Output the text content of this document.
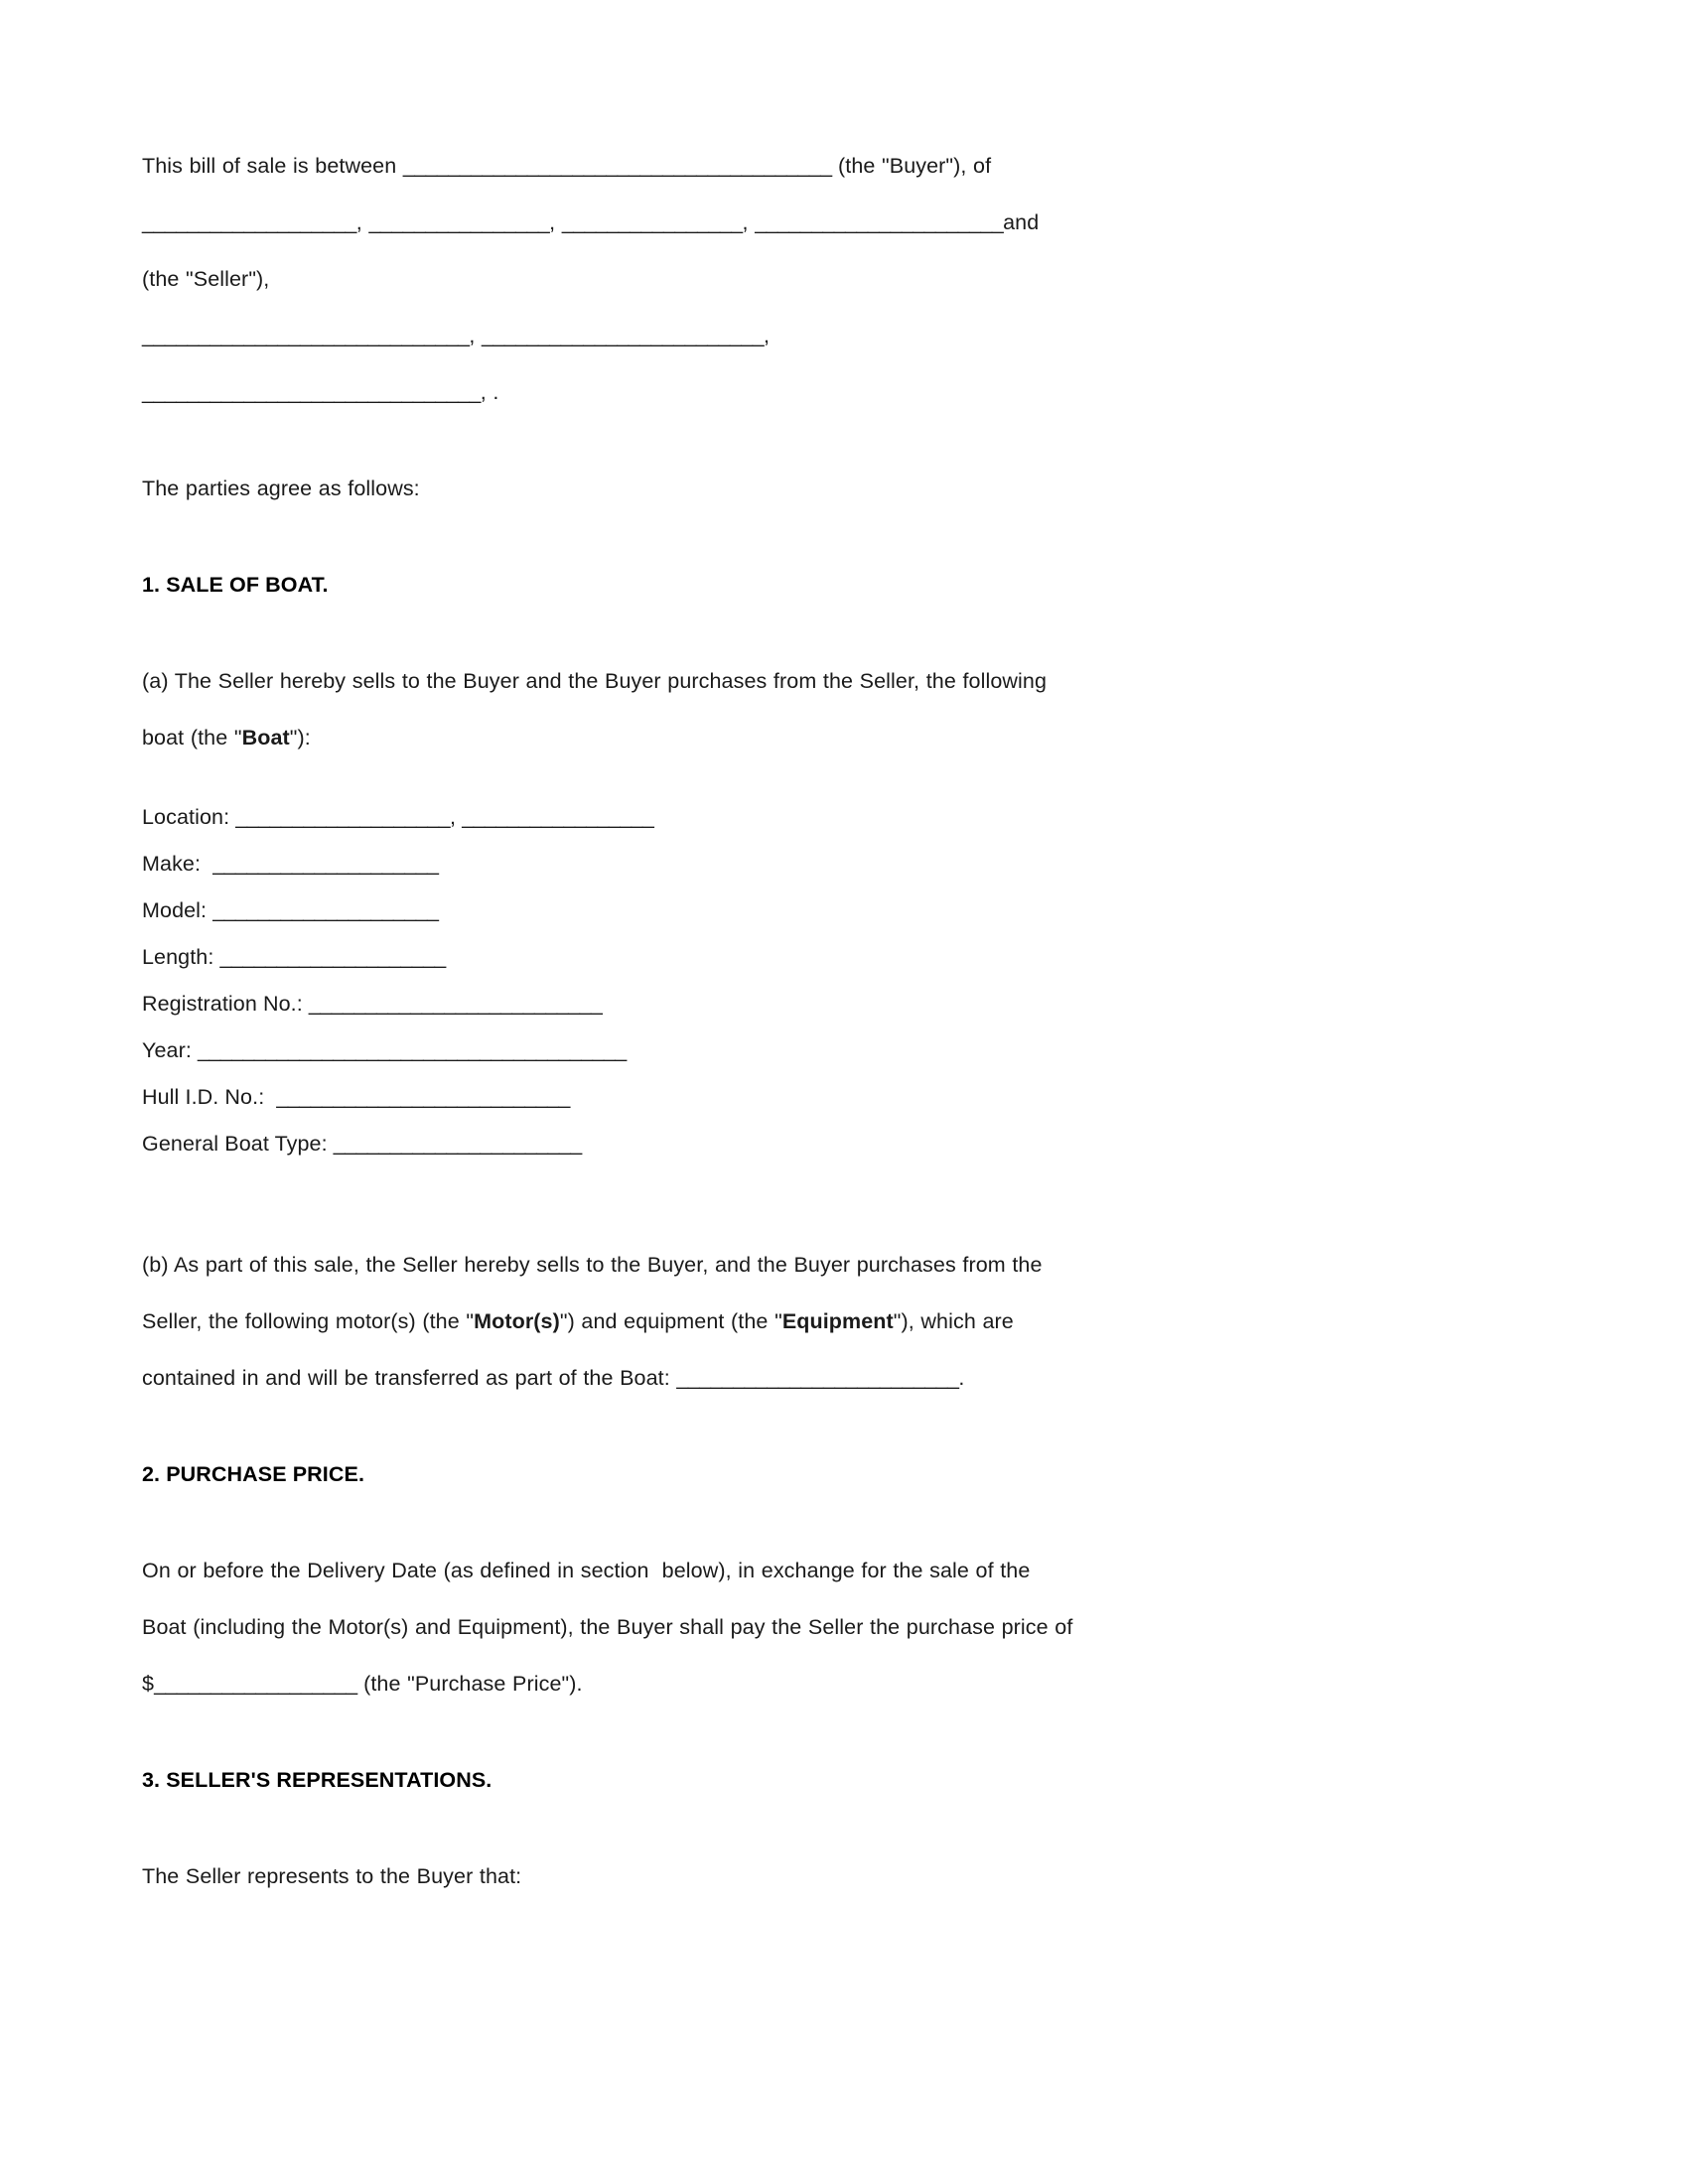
This bill of sale is between ______________________________________ (the "Buyer"), of
___________________, ________________, ________________, ______________________and  (the "Seller"),
_____________________________, _________________________, ______________________________, .
The parties agree as follows:
1. SALE OF BOAT.
(a) The Seller hereby sells to the Buyer and the Buyer purchases from the Seller, the following boat (the "Boat"):
Location: ___________________, _________________
Make:  ____________________
Model: ____________________
Length: ____________________
Registration No.: __________________________
Year: ______________________________________
Hull I.D. No.:  __________________________
General Boat Type: ______________________
(b) As part of this sale, the Seller hereby sells to the Buyer, and the Buyer purchases from the Seller, the following motor(s) (the "Motor(s)") and equipment (the "Equipment"), which are contained in and will be transferred as part of the Boat: _________________________.
2. PURCHASE PRICE.
On or before the Delivery Date (as defined in section  below), in exchange for the sale of the Boat (including the Motor(s) and Equipment), the Buyer shall pay the Seller the purchase price of $__________________ (the "Purchase Price").
3. SELLER'S REPRESENTATIONS.
The Seller represents to the Buyer that:
